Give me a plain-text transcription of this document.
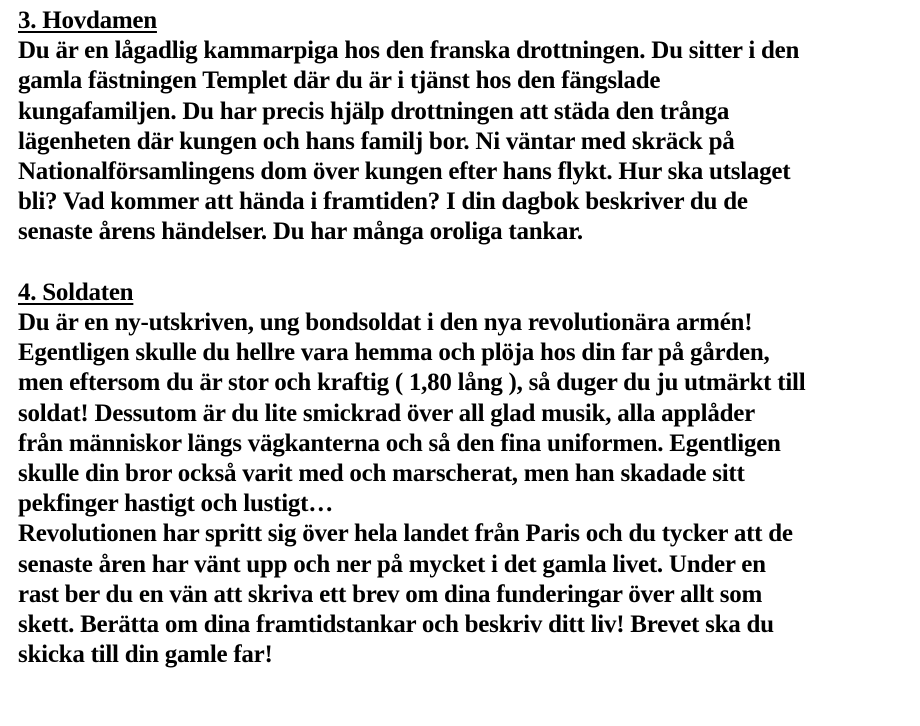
3. Hovdamen
Du är en lågadlig kammarpiga hos den franska drottningen. Du sitter i den
gamla fästningen Templet där du är i tjänst hos den fängslade
kungafamiljen. Du har precis hjälp drottningen att städa den trånga
lägenheten där kungen och hans familj bor. Ni väntar med skräck på
Nationalförsamlingens dom över kungen efter hans flykt. Hur ska utslaget
bli? Vad kommer att hända i framtiden? I din dagbok beskriver du de
senaste årens händelser. Du har många oroliga tankar.
4. Soldaten
Du är en ny-utskriven, ung bondsoldat i den nya revolutionära armén!
Egentligen skulle du hellre vara hemma och plöja hos din far på gården,
men eftersom du är stor och kraftig ( 1,80 lång ), så duger du ju utmärkt till
soldat! Dessutom är du lite smickrad över all glad musik, alla applåder
från människor längs vägkanterna och så den fina uniformen. Egentligen
skulle din bror också varit med och marscherat, men han skadade sitt
pekfinger hastigt och lustigt…
Revolutionen har spritt sig över hela landet från Paris och du tycker att de
senaste åren har vänt upp och ner på mycket i det gamla livet. Under en
rast ber du en vän att skriva ett brev om dina funderingar över allt som
skett. Berätta om dina framtidstankar och beskriv ditt liv! Brevet ska du
skicka till din gamle far!
